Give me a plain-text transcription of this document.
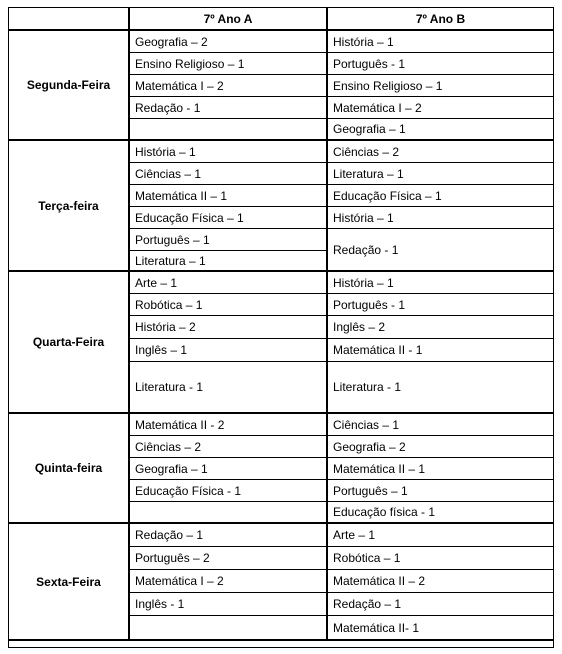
Segunda-Feira
Terça-feira
Quarta-Feira
Quinta-feira
Sexta-Feira
7º Ano A
Geografia – 2
Ensino Religioso – 1
Matemática I – 2
Redação - 1
História – 1
Ciências – 1
Matemática II – 1
Educação Física – 1
Português – 1
Literatura – 1
Arte – 1
Robótica – 1
História – 2
Inglês – 1
Literatura - 1
Matemática II - 2
Ciências – 2
Geografia – 1
Educação Física - 1
Redação – 1
Português – 2
Matemática I – 2
Inglês - 1
7º Ano B
História – 1
Português - 1
Ensino Religioso – 1
Matemática I – 2
Geografia – 1
Ciências – 2
Literatura – 1
Educação Física – 1
História – 1
Redação - 1
História – 1
Português - 1
Inglês – 2
Matemática II - 1
Literatura - 1
Ciências – 1
Geografia – 2
Matemática II – 1
Português – 1
Educação física - 1
Arte – 1
Robótica – 1
Matemática II – 2
Redação – 1
Matemática II- 1
